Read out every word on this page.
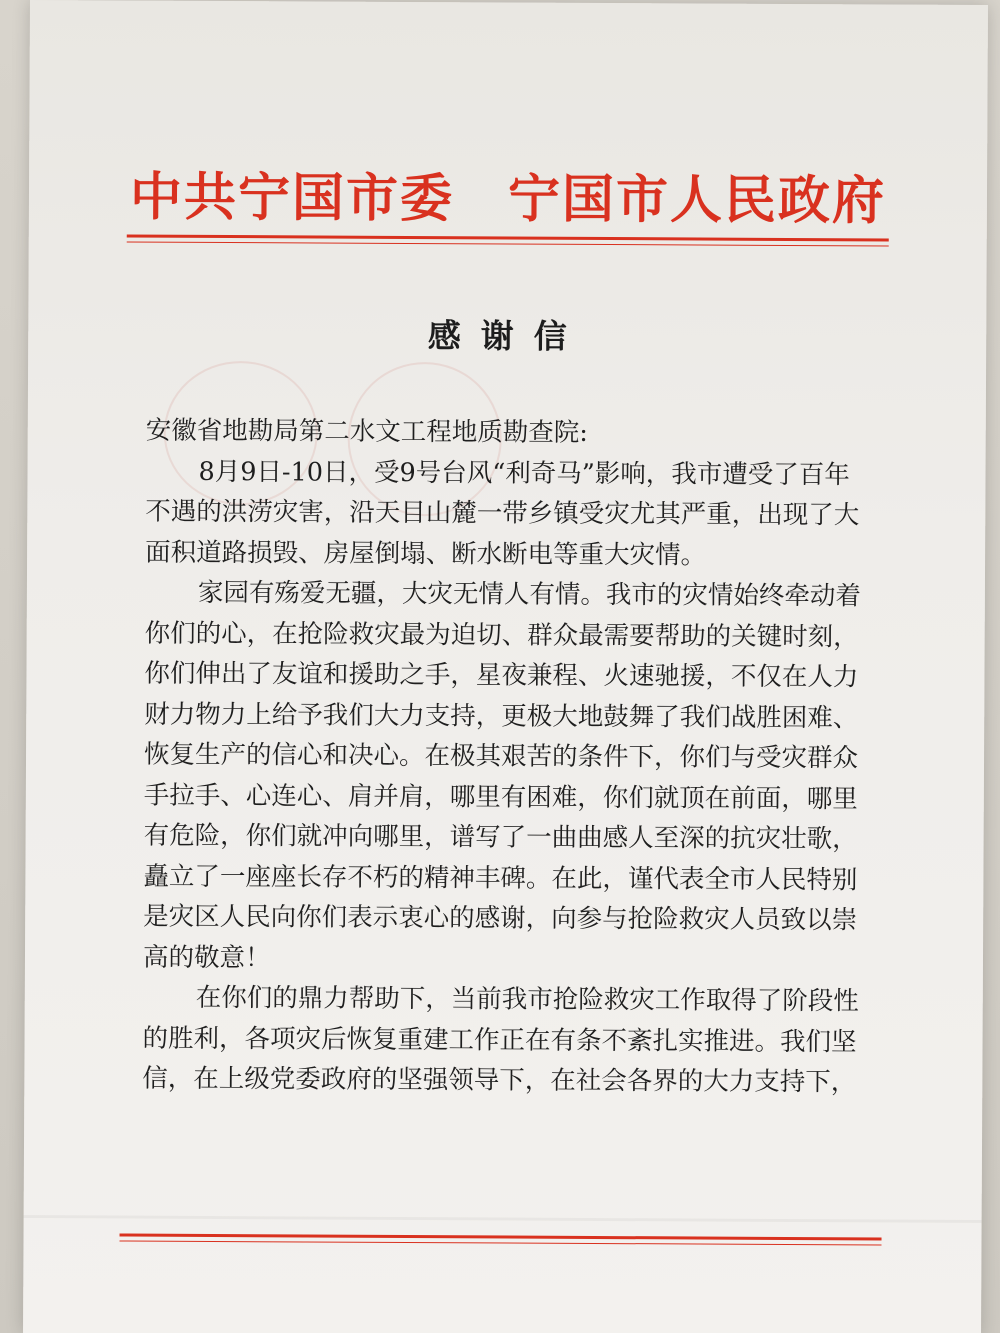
中共宁国市委　宁国市人民政府
感谢信
安徽省地勘局第二水文工程地质勘查院:
8月9日-10日，受9号台风“利奇马”影响，我市遭受了百年
不遇的洪涝灾害，沿天目山麓一带乡镇受灾尤其严重，出现了大
面积道路损毁、房屋倒塌、断水断电等重大灾情。
家园有殇爱无疆，大灾无情人有情。我市的灾情始终牵动着
你们的心，在抢险救灾最为迫切、群众最需要帮助的关键时刻，
你们伸出了友谊和援助之手，星夜兼程、火速驰援，不仅在人力
财力物力上给予我们大力支持，更极大地鼓舞了我们战胜困难、
恢复生产的信心和决心。在极其艰苦的条件下，你们与受灾群众
手拉手、心连心、肩并肩，哪里有困难，你们就顶在前面，哪里
有危险，你们就冲向哪里，谱写了一曲曲感人至深的抗灾壮歌，
矗立了一座座长存不朽的精神丰碑。在此，谨代表全市人民特别
是灾区人民向你们表示衷心的感谢，向参与抢险救灾人员致以崇
高的敬意！
在你们的鼎力帮助下，当前我市抢险救灾工作取得了阶段性
的胜利，各项灾后恢复重建工作正在有条不紊扎实推进。我们坚
信，在上级党委政府的坚强领导下，在社会各界的大力支持下，
